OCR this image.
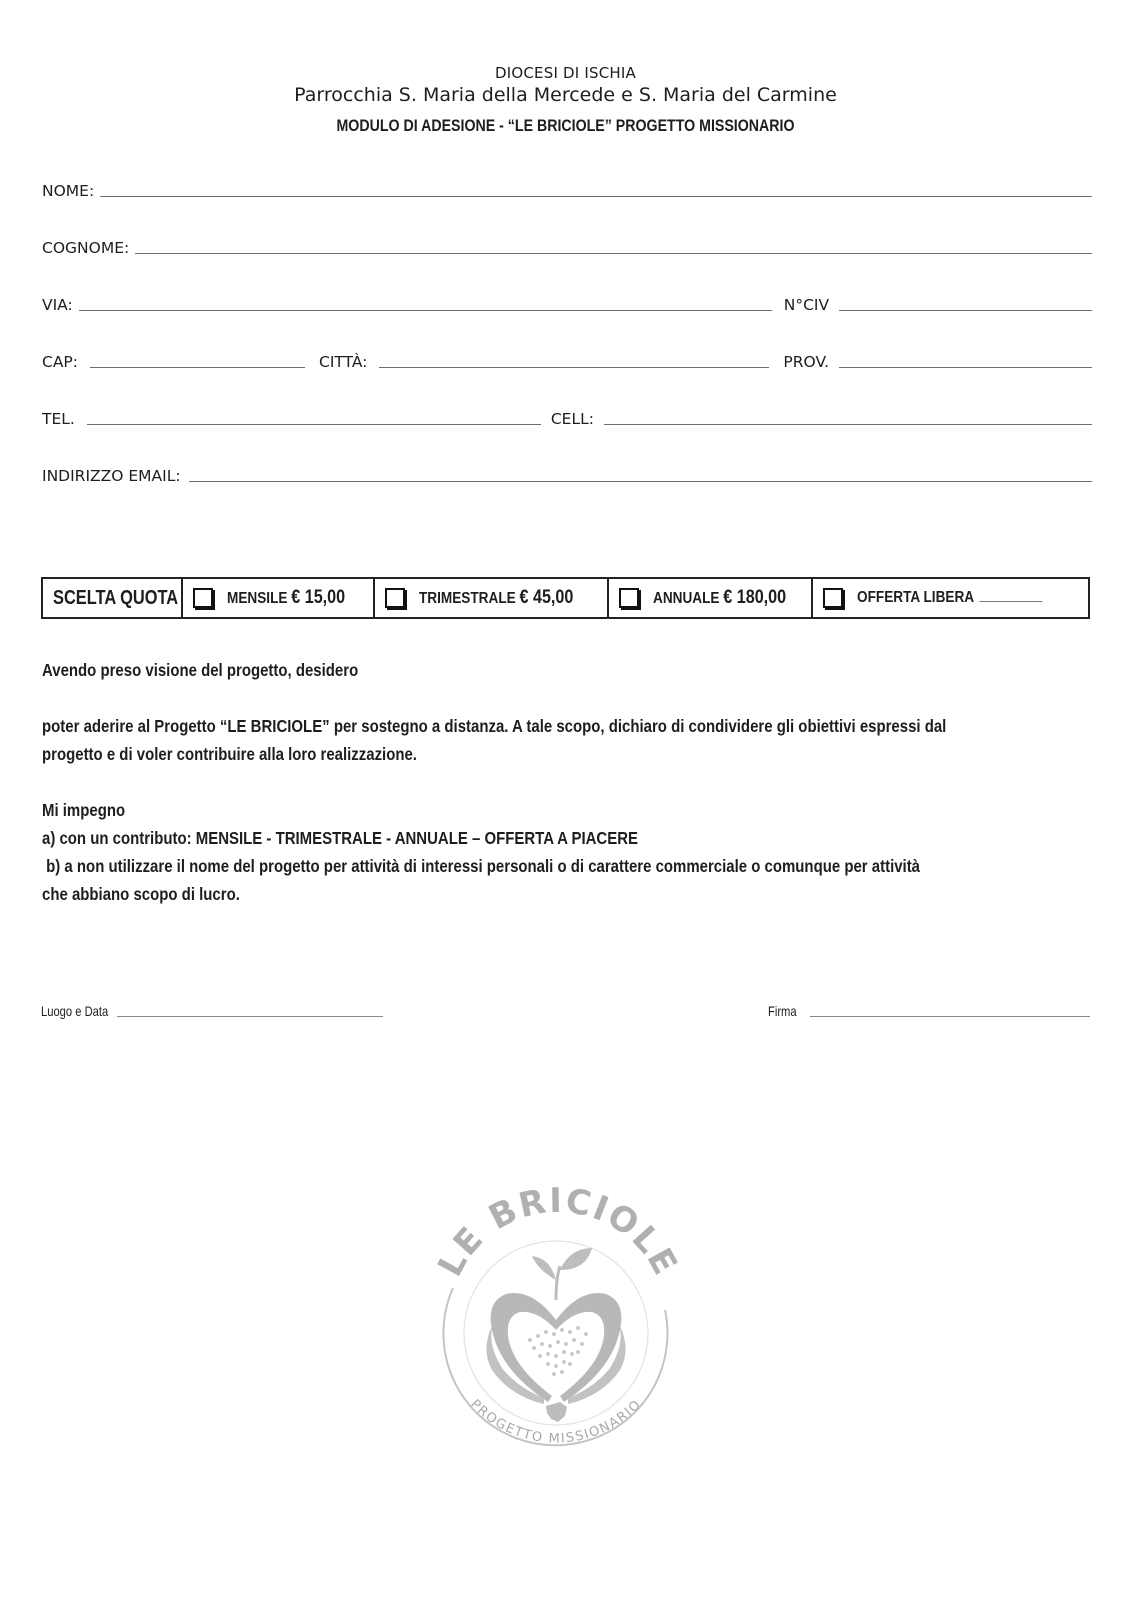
DIOCESI DI ISCHIA
Parrocchia S. Maria della Mercede e S. Maria del Carmine
MODULO DI ADESIONE - “LE BRICIOLE” PROGETTO MISSIONARIO
NOME:
COGNOME:
VIA:	N°CIV
CAP:	CITTÀ:	PROV.
TEL.	CELL:
INDIRIZZO EMAIL:
SCELTA QUOTA	MENSILE € 15,00	TRIMESTRALE € 45,00	ANNUALE € 180,00	OFFERTA LIBERA
Avendo preso visione del progetto, desidero
poter aderire al Progetto “LE BRICIOLE” per sostegno a distanza. A tale scopo, dichiaro di condividere gli obiettivi espressi dal
progetto e di voler contribuire alla loro realizzazione.
Mi impegno
a) con un contributo: MENSILE - TRIMESTRALE - ANNUALE – OFFERTA A PIACERE
b) a non utilizzare il nome del progetto per attività di interessi personali o di carattere commerciale o comunque per attività
che abbiano scopo di lucro.
Luogo e Data	Firma
LE BRICIOLE
PROGETTO MISSIONARIO
